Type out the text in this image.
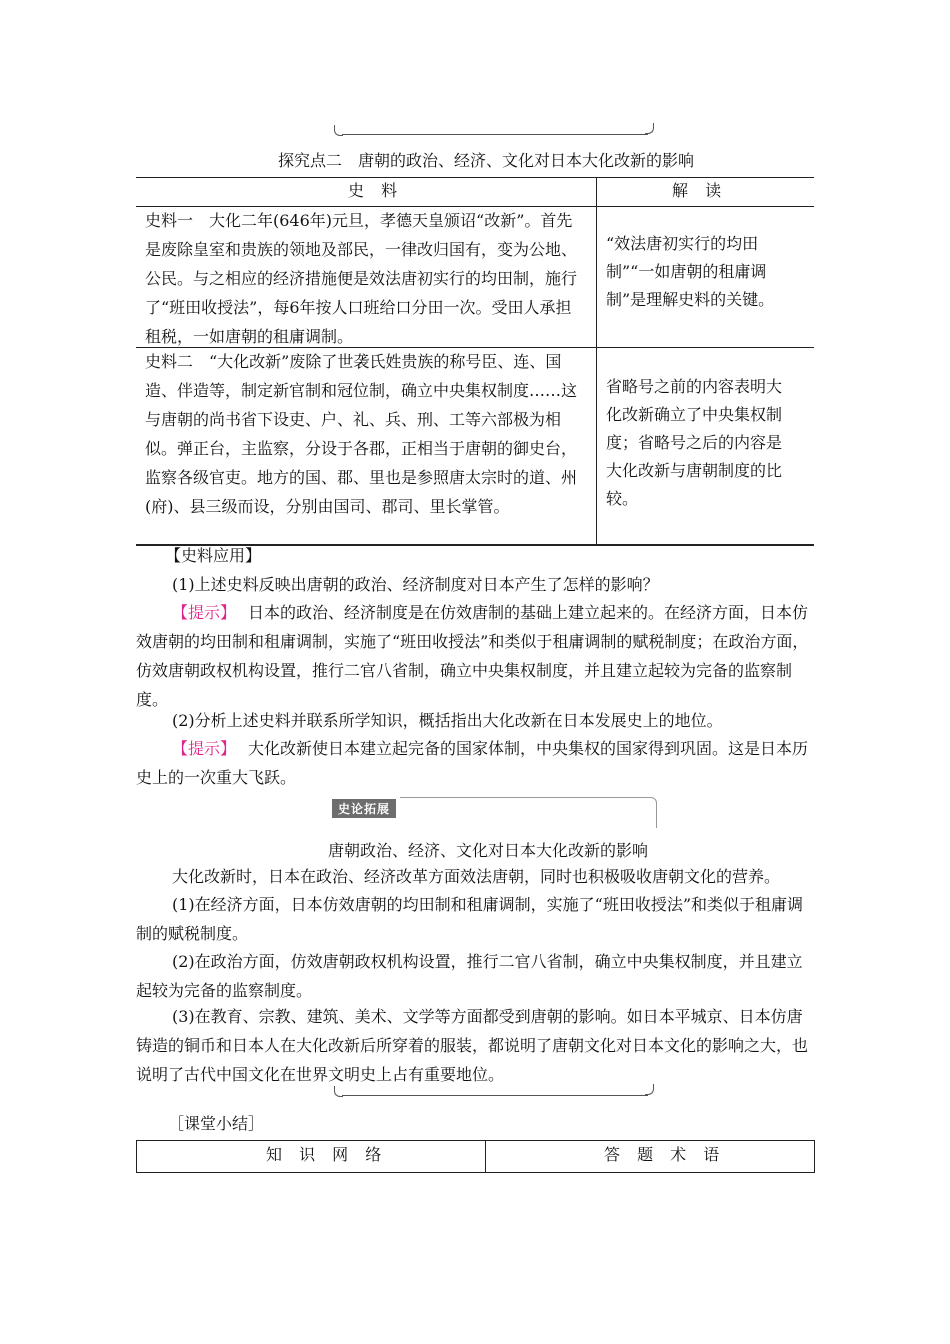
探究点二　唐朝的政治、经济、文化对日本大化改新的影响
史 料	解 读
史料一　大化二年(646年)元旦，孝德天皇颁诏“改新”。首先是废除皇室和贵族的领地及部民，一律改归国有，变为公地、公民。与之相应的经济措施便是效法唐初实行的均田制，施行了“班田收授法”，每6年按人口班给口分田一次。受田人承担租税，一如唐朝的租庸调制。
“效法唐初实行的均田制”“一如唐朝的租庸调制”是理解史料的关键。
史料二　“大化改新”废除了世袭氏姓贵族的称号臣、连、国造、伴造等，制定新官制和冠位制，确立中央集权制度……这与唐朝的尚书省下设吏、户、礼、兵、刑、工等六部极为相似。弹正台，主监察，分设于各郡，正相当于唐朝的御史台，监察各级官吏。地方的国、郡、里也是参照唐太宗时的道、州(府)、县三级而设，分别由国司、郡司、里长掌管。
省略号之前的内容表明大化改新确立了中央集权制度；省略号之后的内容是大化改新与唐朝制度的比较。
【史料应用】
(1)上述史料反映出唐朝的政治、经济制度对日本产生了怎样的影响？
【提示】 日本的政治、经济制度是在仿效唐制的基础上建立起来的。在经济方面，日本仿效唐朝的均田制和租庸调制，实施了“班田收授法”和类似于租庸调制的赋税制度；在政治方面，仿效唐朝政权机构设置，推行二官八省制，确立中央集权制度，并且建立起较为完备的监察制度。
(2)分析上述史料并联系所学知识，概括指出大化改新在日本发展史上的地位。
【提示】 大化改新使日本建立起完备的国家体制，中央集权的国家得到巩固。这是日本历史上的一次重大飞跃。
史论拓展
唐朝政治、经济、文化对日本大化改新的影响
大化改新时，日本在政治、经济改革方面效法唐朝，同时也积极吸收唐朝文化的营养。
(1)在经济方面，日本仿效唐朝的均田制和租庸调制，实施了“班田收授法”和类似于租庸调制的赋税制度。
(2)在政治方面，仿效唐朝政权机构设置，推行二官八省制，确立中央集权制度，并且建立起较为完备的监察制度。
(3)在教育、宗教、建筑、美术、文学等方面都受到唐朝的影响。如日本平城京、日本仿唐铸造的铜币和日本人在大化改新后所穿着的服装，都说明了唐朝文化对日本文化的影响之大，也说明了古代中国文化在世界文明史上占有重要地位。
［课堂小结］
知 识 网 络	答 题 术 语
